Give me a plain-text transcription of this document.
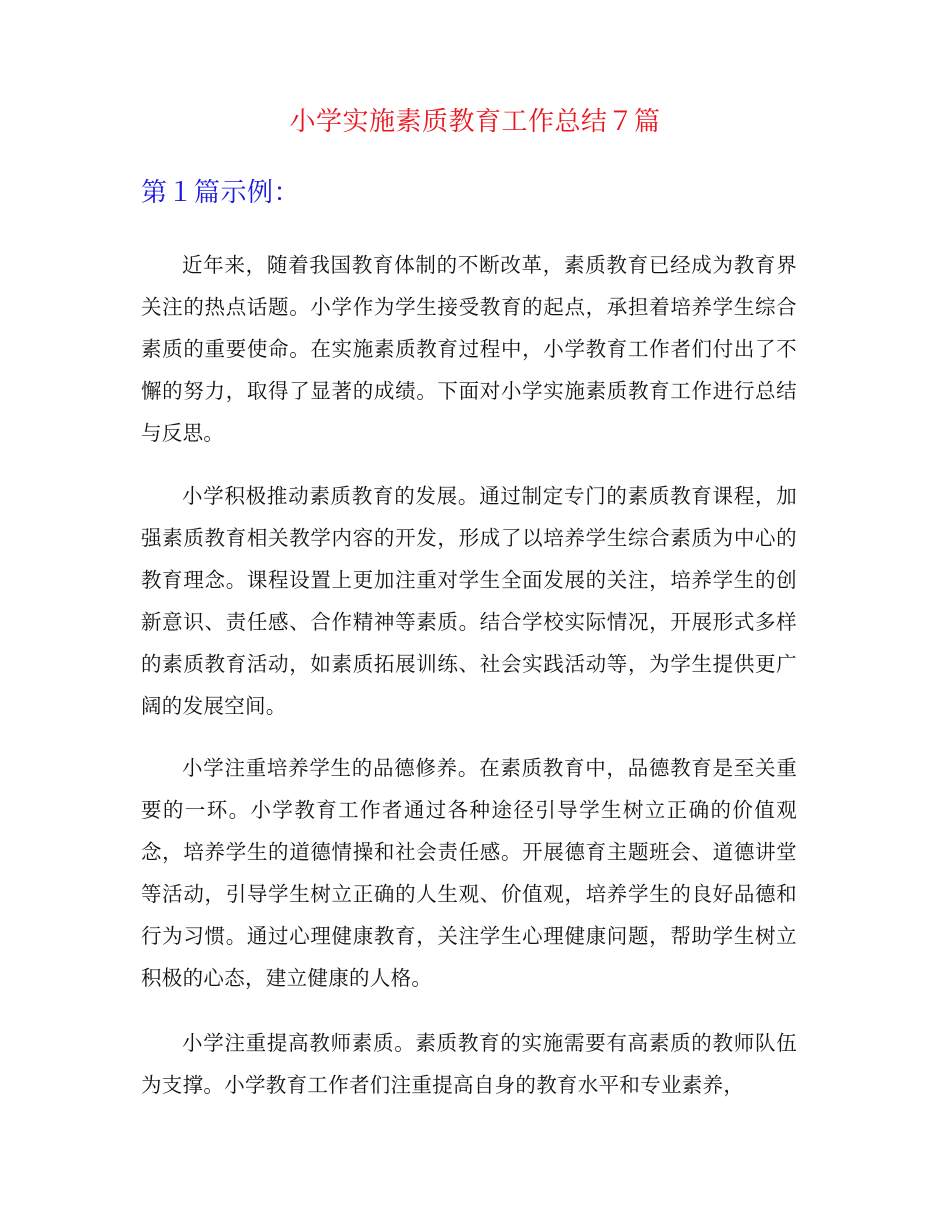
小学实施素质教育工作总结７篇
第１篇示例：

近年来，随着我国教育体制的不断改革，素质教育已经成为教育界关注的热点话题。小学作为学生接受教育的起点，承担着培养学生综合素质的重要使命。在实施素质教育过程中，小学教育工作者们付出了不懈的努力，取得了显著的成绩。下面对小学实施素质教育工作进行总结与反思。

小学积极推动素质教育的发展。通过制定专门的素质教育课程，加强素质教育相关教学内容的开发，形成了以培养学生综合素质为中心的教育理念。课程设置上更加注重对学生全面发展的关注，培养学生的创新意识、责任感、合作精神等素质。结合学校实际情况，开展形式多样的素质教育活动，如素质拓展训练、社会实践活动等，为学生提供更广阔的发展空间。

小学注重培养学生的品德修养。在素质教育中，品德教育是至关重要的一环。小学教育工作者通过各种途径引导学生树立正确的价值观念，培养学生的道德情操和社会责任感。开展德育主题班会、道德讲堂等活动，引导学生树立正确的人生观、价值观，培养学生的良好品德和行为习惯。通过心理健康教育，关注学生心理健康问题，帮助学生树立积极的心态，建立健康的人格。

小学注重提高教师素质。素质教育的实施需要有高素质的教师队伍为支撑。小学教育工作者们注重提高自身的教育水平和专业素养，
